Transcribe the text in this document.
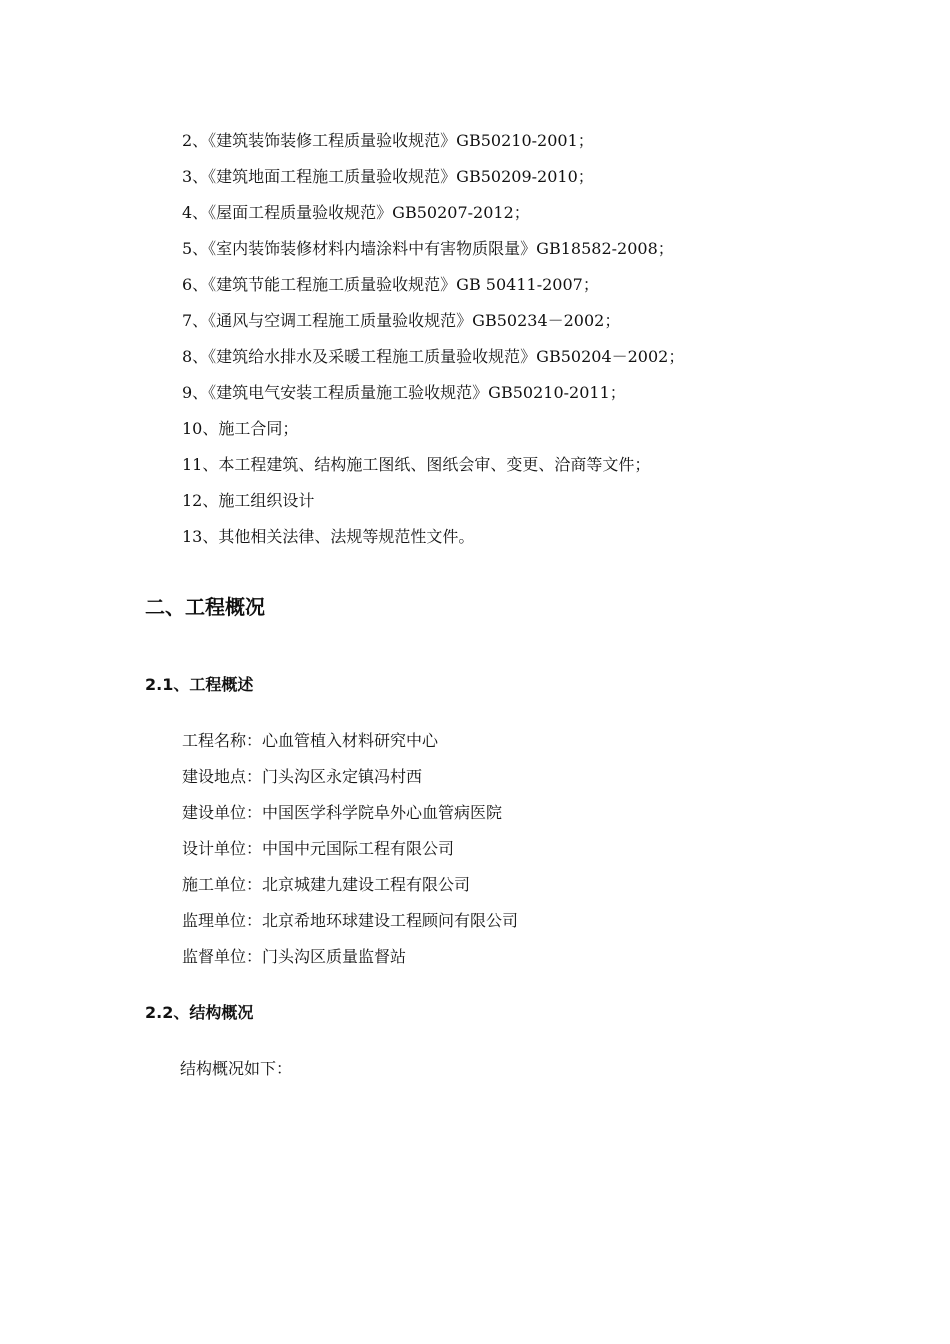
2、《建筑装饰装修工程质量验收规范》GB50210-2001；
3、《建筑地面工程施工质量验收规范》GB50209-2010；
4、《屋面工程质量验收规范》GB50207-2012；
5、《室内装饰装修材料内墙涂料中有害物质限量》GB18582-2008；
6、《建筑节能工程施工质量验收规范》GB 50411-2007；
7、《通风与空调工程施工质量验收规范》GB50234－2002；
8、《建筑给水排水及采暖工程施工质量验收规范》GB50204－2002；
9、《建筑电气安装工程质量施工验收规范》GB50210-2011；
10、施工合同；
11、本工程建筑、结构施工图纸、图纸会审、变更、洽商等文件；
12、施工组织设计
13、其他相关法律、法规等规范性文件。
二、工程概况
2.1、工程概述
工程名称：心血管植入材料研究中心
建设地点：门头沟区永定镇冯村西
建设单位：中国医学科学院阜外心血管病医院
设计单位：中国中元国际工程有限公司
施工单位：北京城建九建设工程有限公司
监理单位：北京希地环球建设工程顾问有限公司
监督单位：门头沟区质量监督站
2.2、结构概况
结构概况如下：
